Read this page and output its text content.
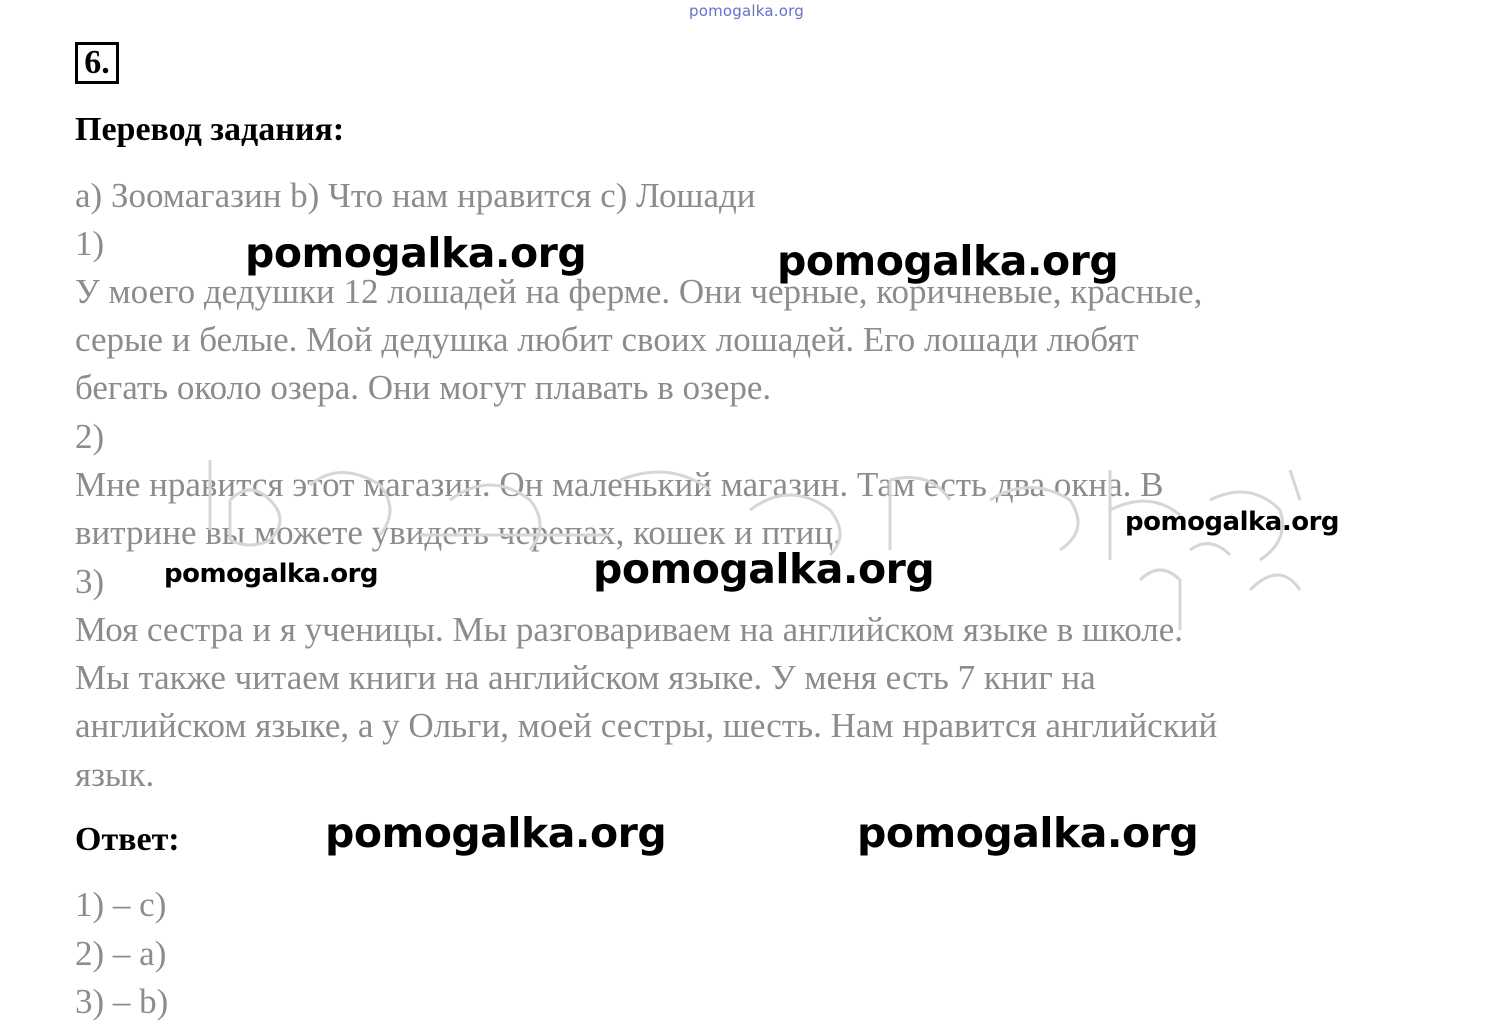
pomogalka.org
6.
Перевод задания:
а) Зоомагазин b) Что нам нравится с) Лошади
1)
У моего дедушки 12 лошадей на ферме. Они черные, коричневые, красные,
серые и белые. Мой дедушка любит своих лошадей. Его лошади любят
бегать около озера. Они могут плавать в озере.
2)
Мне нравится этот магазин. Он маленький магазин. Там есть два окна. В
витрине вы можете увидеть черепах, кошек и птиц.
3)
Моя сестра и я ученицы. Мы разговариваем на английском языке в школе.
Мы также читаем книги на английском языке. У меня есть 7 книг на
английском языке, а у Ольги, моей сестры, шесть. Нам нравится английский
язык.
Ответ:
1) – с)
2) – а)
3) – b)
pomogalka.org	pomogalka.org
pomogalka.org
pomogalka.org	pomogalka.org
pomogalka.org	pomogalka.org
